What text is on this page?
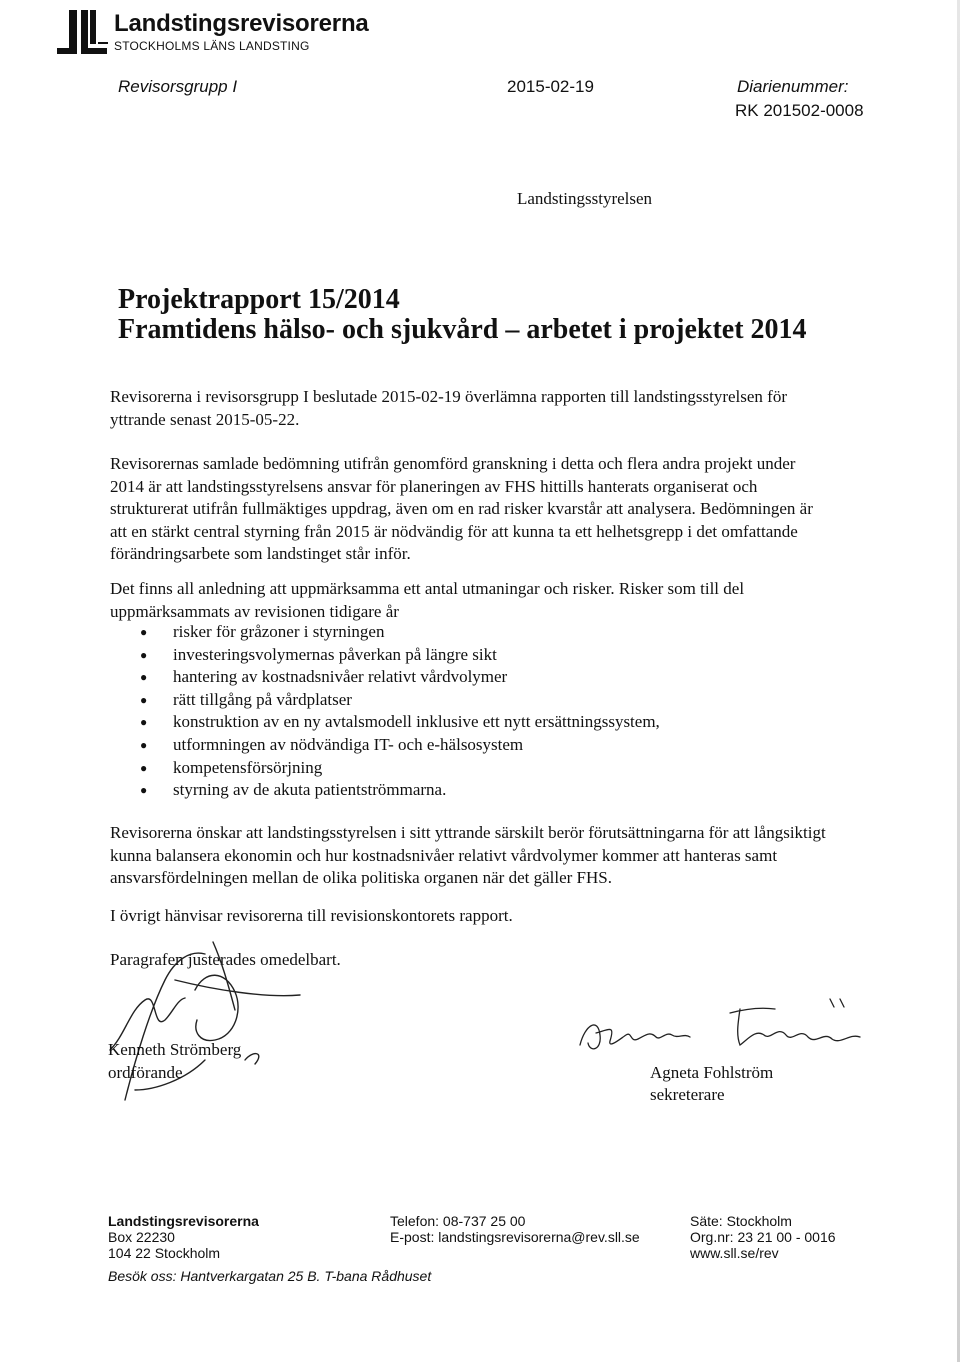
Landstingsrevisorerna
STOCKHOLMS LÄNS LANDSTING
Revisorsgrupp I	2015-02-19	Diarienummer:
RK 201502-0008
Landstingsstyrelsen
Projektrapport 15/2014
Framtidens hälso- och sjukvård – arbetet i projektet 2014
Revisorerna i revisorsgrupp I beslutade 2015-02-19 överlämna rapporten till landstingsstyrelsen för yttrande senast 2015-05-22.
Revisorernas samlade bedömning utifrån genomförd granskning i detta och flera andra projekt under 2014 är att landstingsstyrelsens ansvar för planeringen av FHS hittills hanterats organiserat och strukturerat utifrån fullmäktiges uppdrag, även om en rad risker kvarstår att analysera. Bedömningen är att en stärkt central styrning från 2015 är nödvändig för att kunna ta ett helhetsgrepp i det omfattande förändringsarbete som landstinget står inför.
Det finns all anledning att uppmärksamma ett antal utmaningar och risker. Risker som till del uppmärksammats av revisionen tidigare år
● risker för gråzoner i styrningen
● investeringsvolymernas påverkan på längre sikt
● hantering av kostnadsnivåer relativt vårdvolymer
● rätt tillgång på vårdplatser
● konstruktion av en ny avtalsmodell inklusive ett nytt ersättningssystem,
● utformningen av nödvändiga IT- och e-hälsosystem
● kompetensförsörjning
● styrning av de akuta patientströmmarna.
Revisorerna önskar att landstingsstyrelsen i sitt yttrande särskilt berör förutsättningarna för att långsiktigt kunna balansera ekonomin och hur kostnadsnivåer relativt vårdvolymer kommer att hanteras samt ansvarsfördelningen mellan de olika politiska organen när det gäller FHS.
I övrigt hänvisar revisorerna till revisionskontorets rapport.
Paragrafen justerades omedelbart.
Kenneth Strömberg
ordförande	Agneta Fohlström
sekreterare
Landstingsrevisorerna
Box 22230
104 22 Stockholm
Besök oss: Hantverkargatan 25 B. T-bana Rådhuset
Telefon: 08-737 25 00
E-post: landstingsrevisorerna@rev.sll.se
Säte: Stockholm
Org.nr: 23 21 00 - 0016
www.sll.se/rev
